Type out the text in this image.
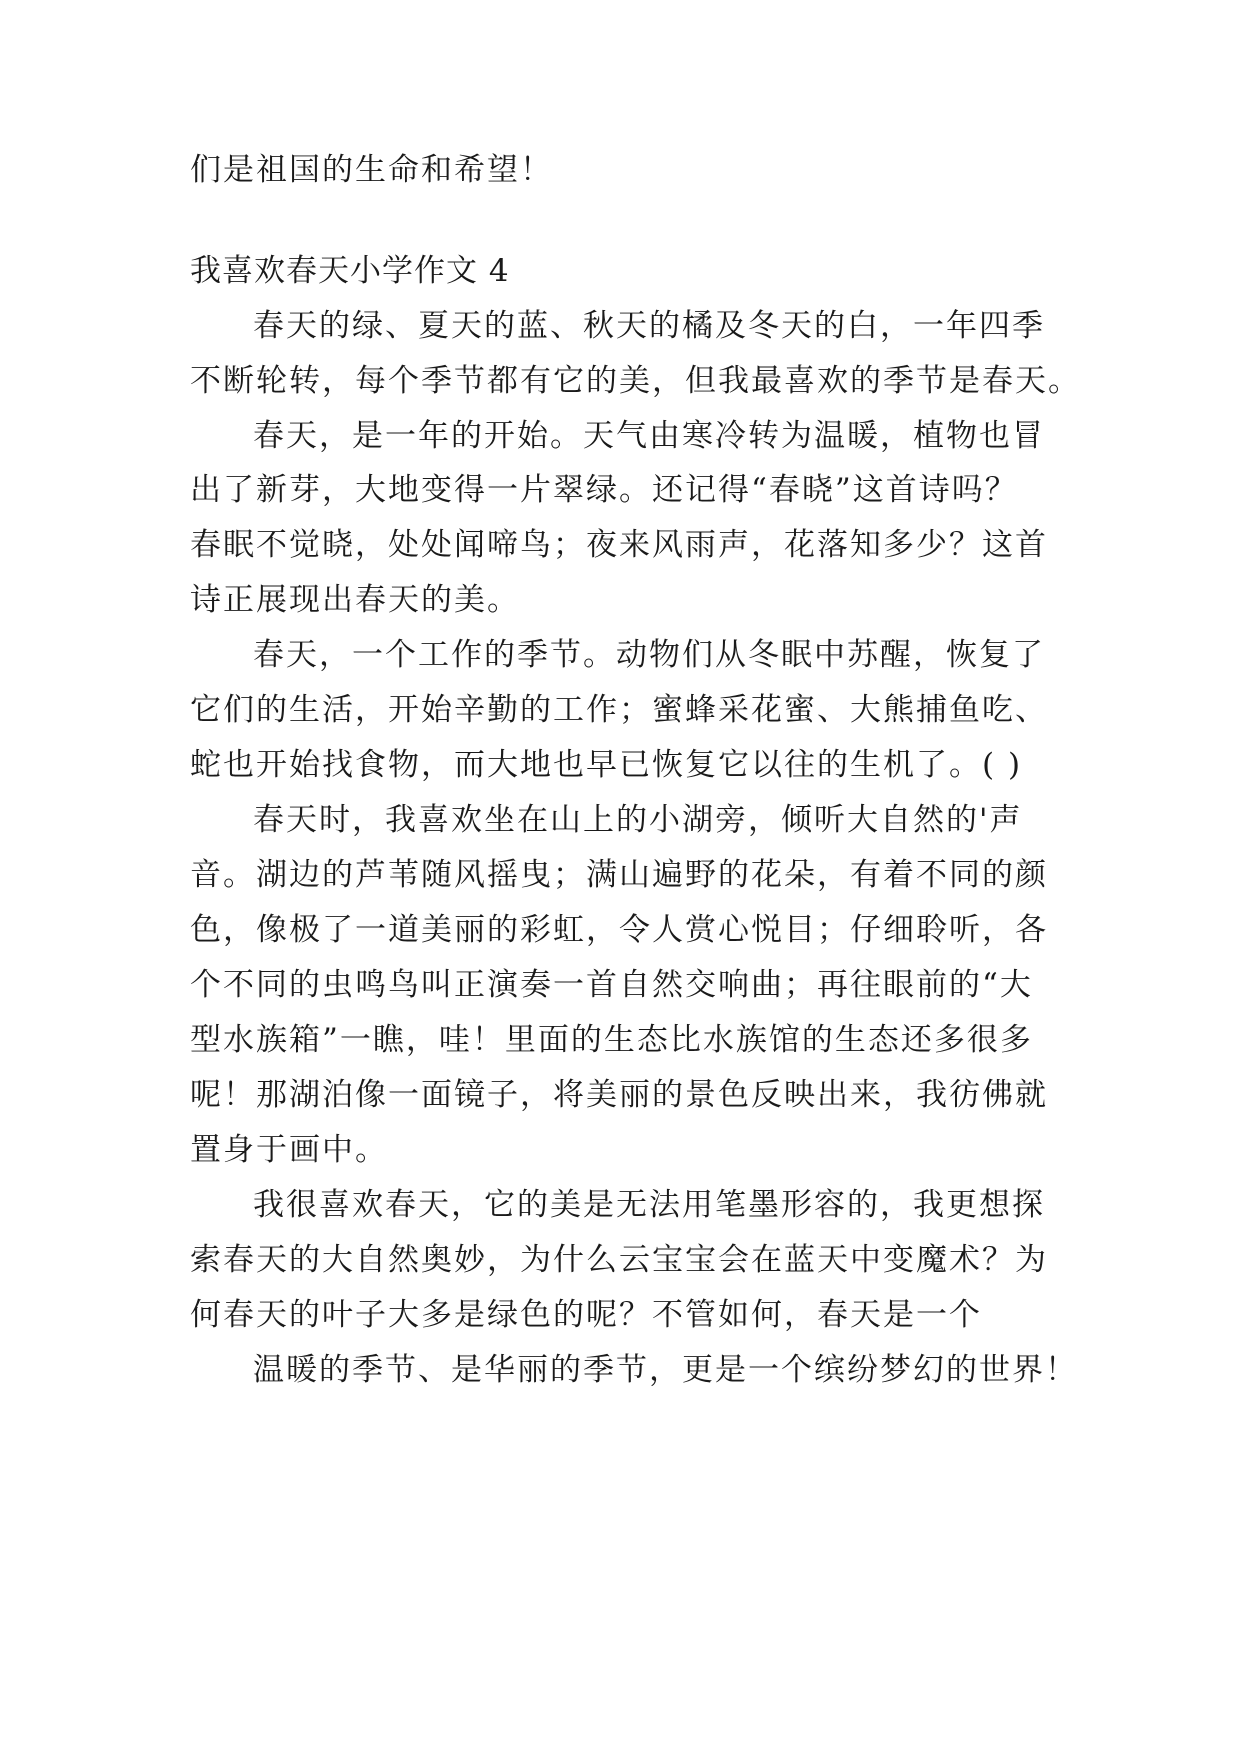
们是祖国的生命和希望！
我喜欢春天小学作文 4
春天的绿、夏天的蓝、秋天的橘及冬天的白，一年四季
不断轮转，每个季节都有它的美，但我最喜欢的季节是春天。
春天，是一年的开始。天气由寒冷转为温暖，植物也冒
出了新芽，大地变得一片翠绿。还记得“春晓”这首诗吗？
春眠不觉晓，处处闻啼鸟；夜来风雨声，花落知多少？这首
诗正展现出春天的美。
春天，一个工作的季节。动物们从冬眠中苏醒，恢复了
它们的生活，开始辛勤的工作；蜜蜂采花蜜、大熊捕鱼吃、
蛇也开始找食物，而大地也早已恢复它以往的生机了。( )
春天时，我喜欢坐在山上的小湖旁，倾听大自然的'声
音。湖边的芦苇随风摇曳；满山遍野的花朵，有着不同的颜
色，像极了一道美丽的彩虹，令人赏心悦目；仔细聆听，各
个不同的虫鸣鸟叫正演奏一首自然交响曲；再往眼前的“大
型水族箱”一瞧，哇！里面的生态比水族馆的生态还多很多
呢！那湖泊像一面镜子，将美丽的景色反映出来，我彷佛就
置身于画中。
我很喜欢春天，它的美是无法用笔墨形容的，我更想探
索春天的大自然奥妙，为什么云宝宝会在蓝天中变魔术？为
何春天的叶子大多是绿色的呢？不管如何，春天是一个
温暖的季节、是华丽的季节，更是一个缤纷梦幻的世界！
